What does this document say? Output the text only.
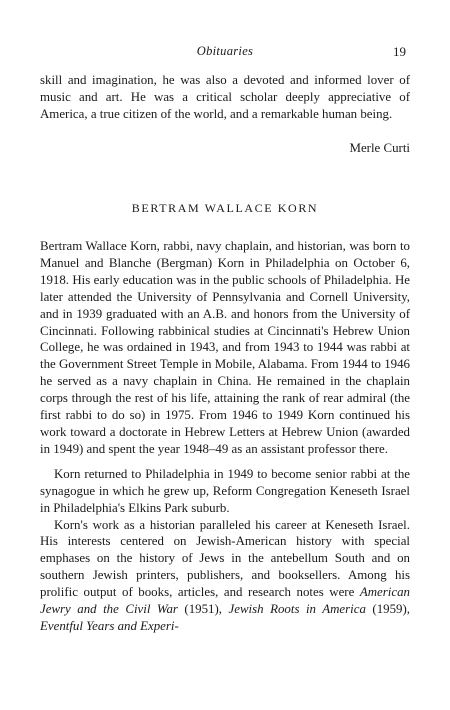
Obituaries	19

skill and imagination, he was also a devoted and informed lover of music and art. He was a critical scholar deeply appreciative of America, a true citizen of the world, and a remarkable human being.

Merle Curti
BERTRAM WALLACE KORN

Bertram Wallace Korn, rabbi, navy chaplain, and historian, was born to Manuel and Blanche (Bergman) Korn in Philadelphia on October 6, 1918. His early education was in the public schools of Philadelphia. He later attended the University of Pennsylvania and Cornell University, and in 1939 graduated with an A.B. and honors from the University of Cincinnati. Following rabbinical studies at Cincinnati's Hebrew Union College, he was ordained in 1943, and from 1943 to 1944 was rabbi at the Government Street Temple in Mobile, Alabama. From 1944 to 1946 he served as a navy chaplain in China. He remained in the chaplain corps through the rest of his life, attaining the rank of rear admiral (the first rabbi to do so) in 1975. From 1946 to 1949 Korn continued his work toward a doctorate in Hebrew Letters at Hebrew Union (awarded in 1949) and spent the year 1948–49 as an assistant professor there.

Korn returned to Philadelphia in 1949 to become senior rabbi at the synagogue in which he grew up, Reform Congregation Keneseth Israel in Philadelphia's Elkins Park suburb.

Korn's work as a historian paralleled his career at Keneseth Israel. His interests centered on Jewish-American history with special emphases on the history of Jews in the antebellum South and on southern Jewish printers, publishers, and booksellers. Among his prolific output of books, articles, and research notes were American Jewry and the Civil War (1951), Jewish Roots in America (1959), Eventful Years and Experi-
